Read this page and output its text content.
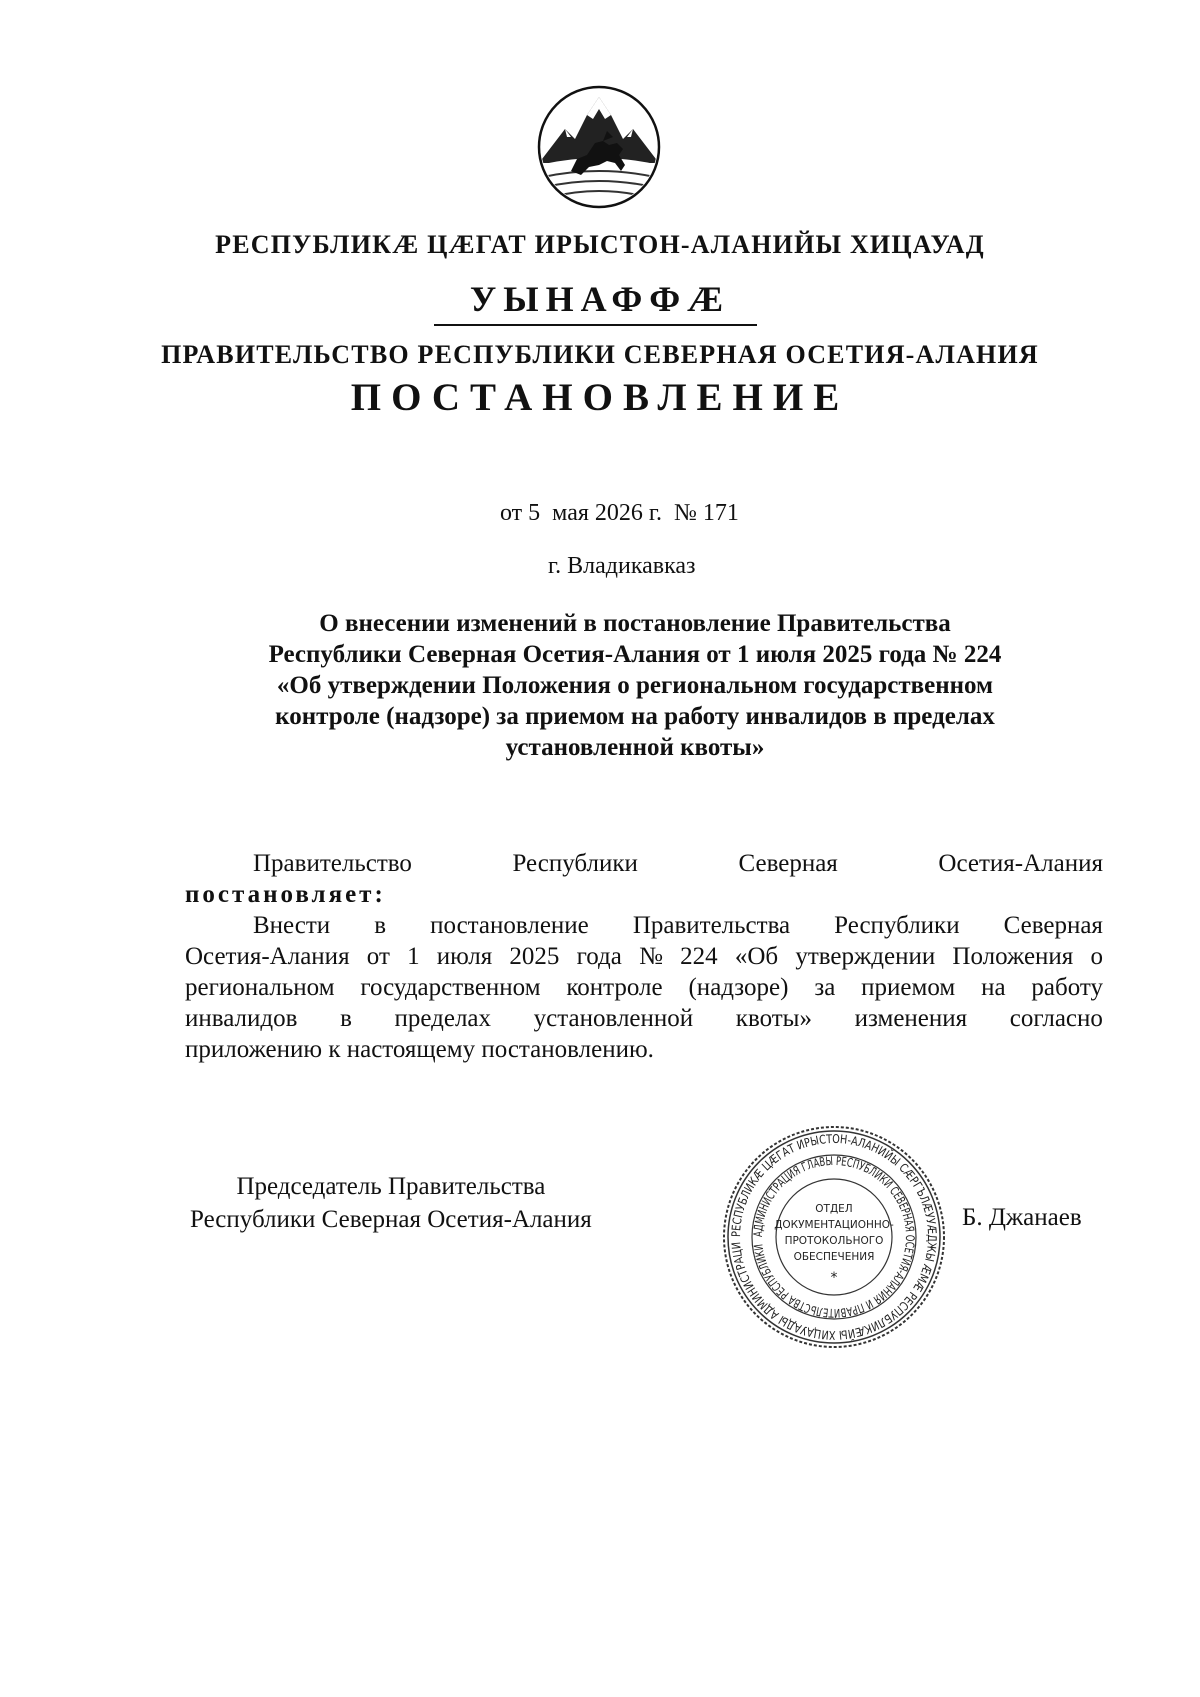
РЕСПУБЛИКӔ ЦӔГАТ ИРЫСТОН-АЛАНИЙЫ ХИЦАУАД
УЫНАФФӔ
ПРАВИТЕЛЬСТВО РЕСПУБЛИКИ СЕВЕРНАЯ ОСЕТИЯ-АЛАНИЯ
ПОСТАНОВЛЕНИЕ
от 5  мая 2026 г.  № 171
г. Владикавказ
О внесении изменений в постановление Правительства
Республики Северная Осетия-Алания от 1 июля 2025 года № 224
«Об утверждении Положения о региональном государственном
контроле (надзоре) за приемом на работу инвалидов в пределах
установленной квоты»
Правительство	Республики	Северная	Осетия-Алания
постановляет:
Внести в постановление Правительства Республики Северная
Осетия-Алания от 1 июля 2025 года № 224 «Об утверждении Положения о
региональном государственном контроле (надзоре) за приемом на работу
инвалидов в пределах установленной квоты» изменения согласно
приложению к настоящему постановлению.
Председатель Правительства
Республики Северная Осетия-Алания
РЕСПУБЛИКӔ ЦӔГАТ ИРЫСТОН-АЛАНИЙЫ СӔРГЪЛӔУУӔДЖЫ ӔМӔ РЕСПУБЛИКӔЙЫ ХИЦАУАДЫ АДМИНИСТРАЦИ
АДМИНИСТРАЦИЯ ГЛАВЫ РЕСПУБЛИКИ СЕВЕРНАЯ ОСЕТИЯ-АЛАНИЯ И ПРАВИТЕЛЬСТВА РЕСПУБЛИКИ
ОТДЕЛ
ДОКУМЕНТАЦИОННО-
ПРОТОКОЛЬНОГО
ОБЕСПЕЧЕНИЯ
*
Б. Джанаев
